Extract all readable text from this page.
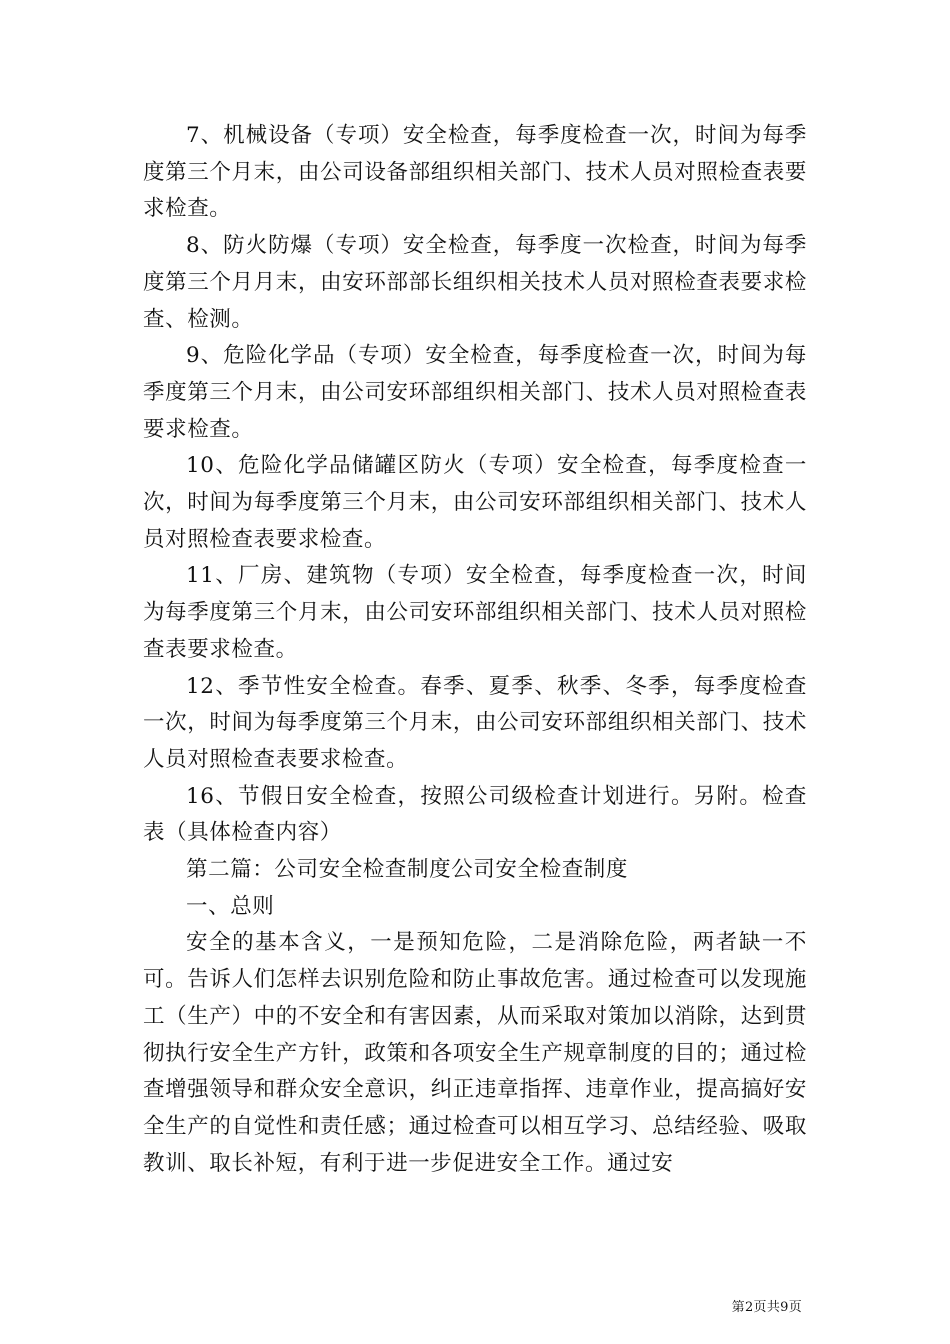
7、机械设备（专项）安全检查，每季度检查一次，时间为每季度第三个月末，由公司设备部组织相关部门、技术人员对照检查表要求检查。

8、防火防爆（专项）安全检查，每季度一次检查，时间为每季度第三个月月末，由安环部部长组织相关技术人员对照检查表要求检查、检测。

9、危险化学品（专项）安全检查，每季度检查一次，时间为每季度第三个月末，由公司安环部组织相关部门、技术人员对照检查表要求检查。

10、危险化学品储罐区防火（专项）安全检查，每季度检查一次，时间为每季度第三个月末，由公司安环部组织相关部门、技术人员对照检查表要求检查。

11、厂房、建筑物（专项）安全检查，每季度检查一次，时间为每季度第三个月末，由公司安环部组织相关部门、技术人员对照检查表要求检查。

12、季节性安全检查。春季、夏季、秋季、冬季，每季度检查一次，时间为每季度第三个月末，由公司安环部组织相关部门、技术人员对照检查表要求检查。

16、节假日安全检查，按照公司级检查计划进行。另附。检查表（具体检查内容）

第二篇：公司安全检查制度公司安全检查制度

一、总则

安全的基本含义，一是预知危险，二是消除危险，两者缺一不可。告诉人们怎样去识别危险和防止事故危害。通过检查可以发现施工（生产）中的不安全和有害因素，从而采取对策加以消除，达到贯彻执行安全生产方针，政策和各项安全生产规章制度的目的；通过检查增强领导和群众安全意识，纠正违章指挥、违章作业，提高搞好安全生产的自觉性和责任感；通过检查可以相互学习、总结经验、吸取教训、取长补短，有利于进一步促进安全工作。通过安

第2页共9页
